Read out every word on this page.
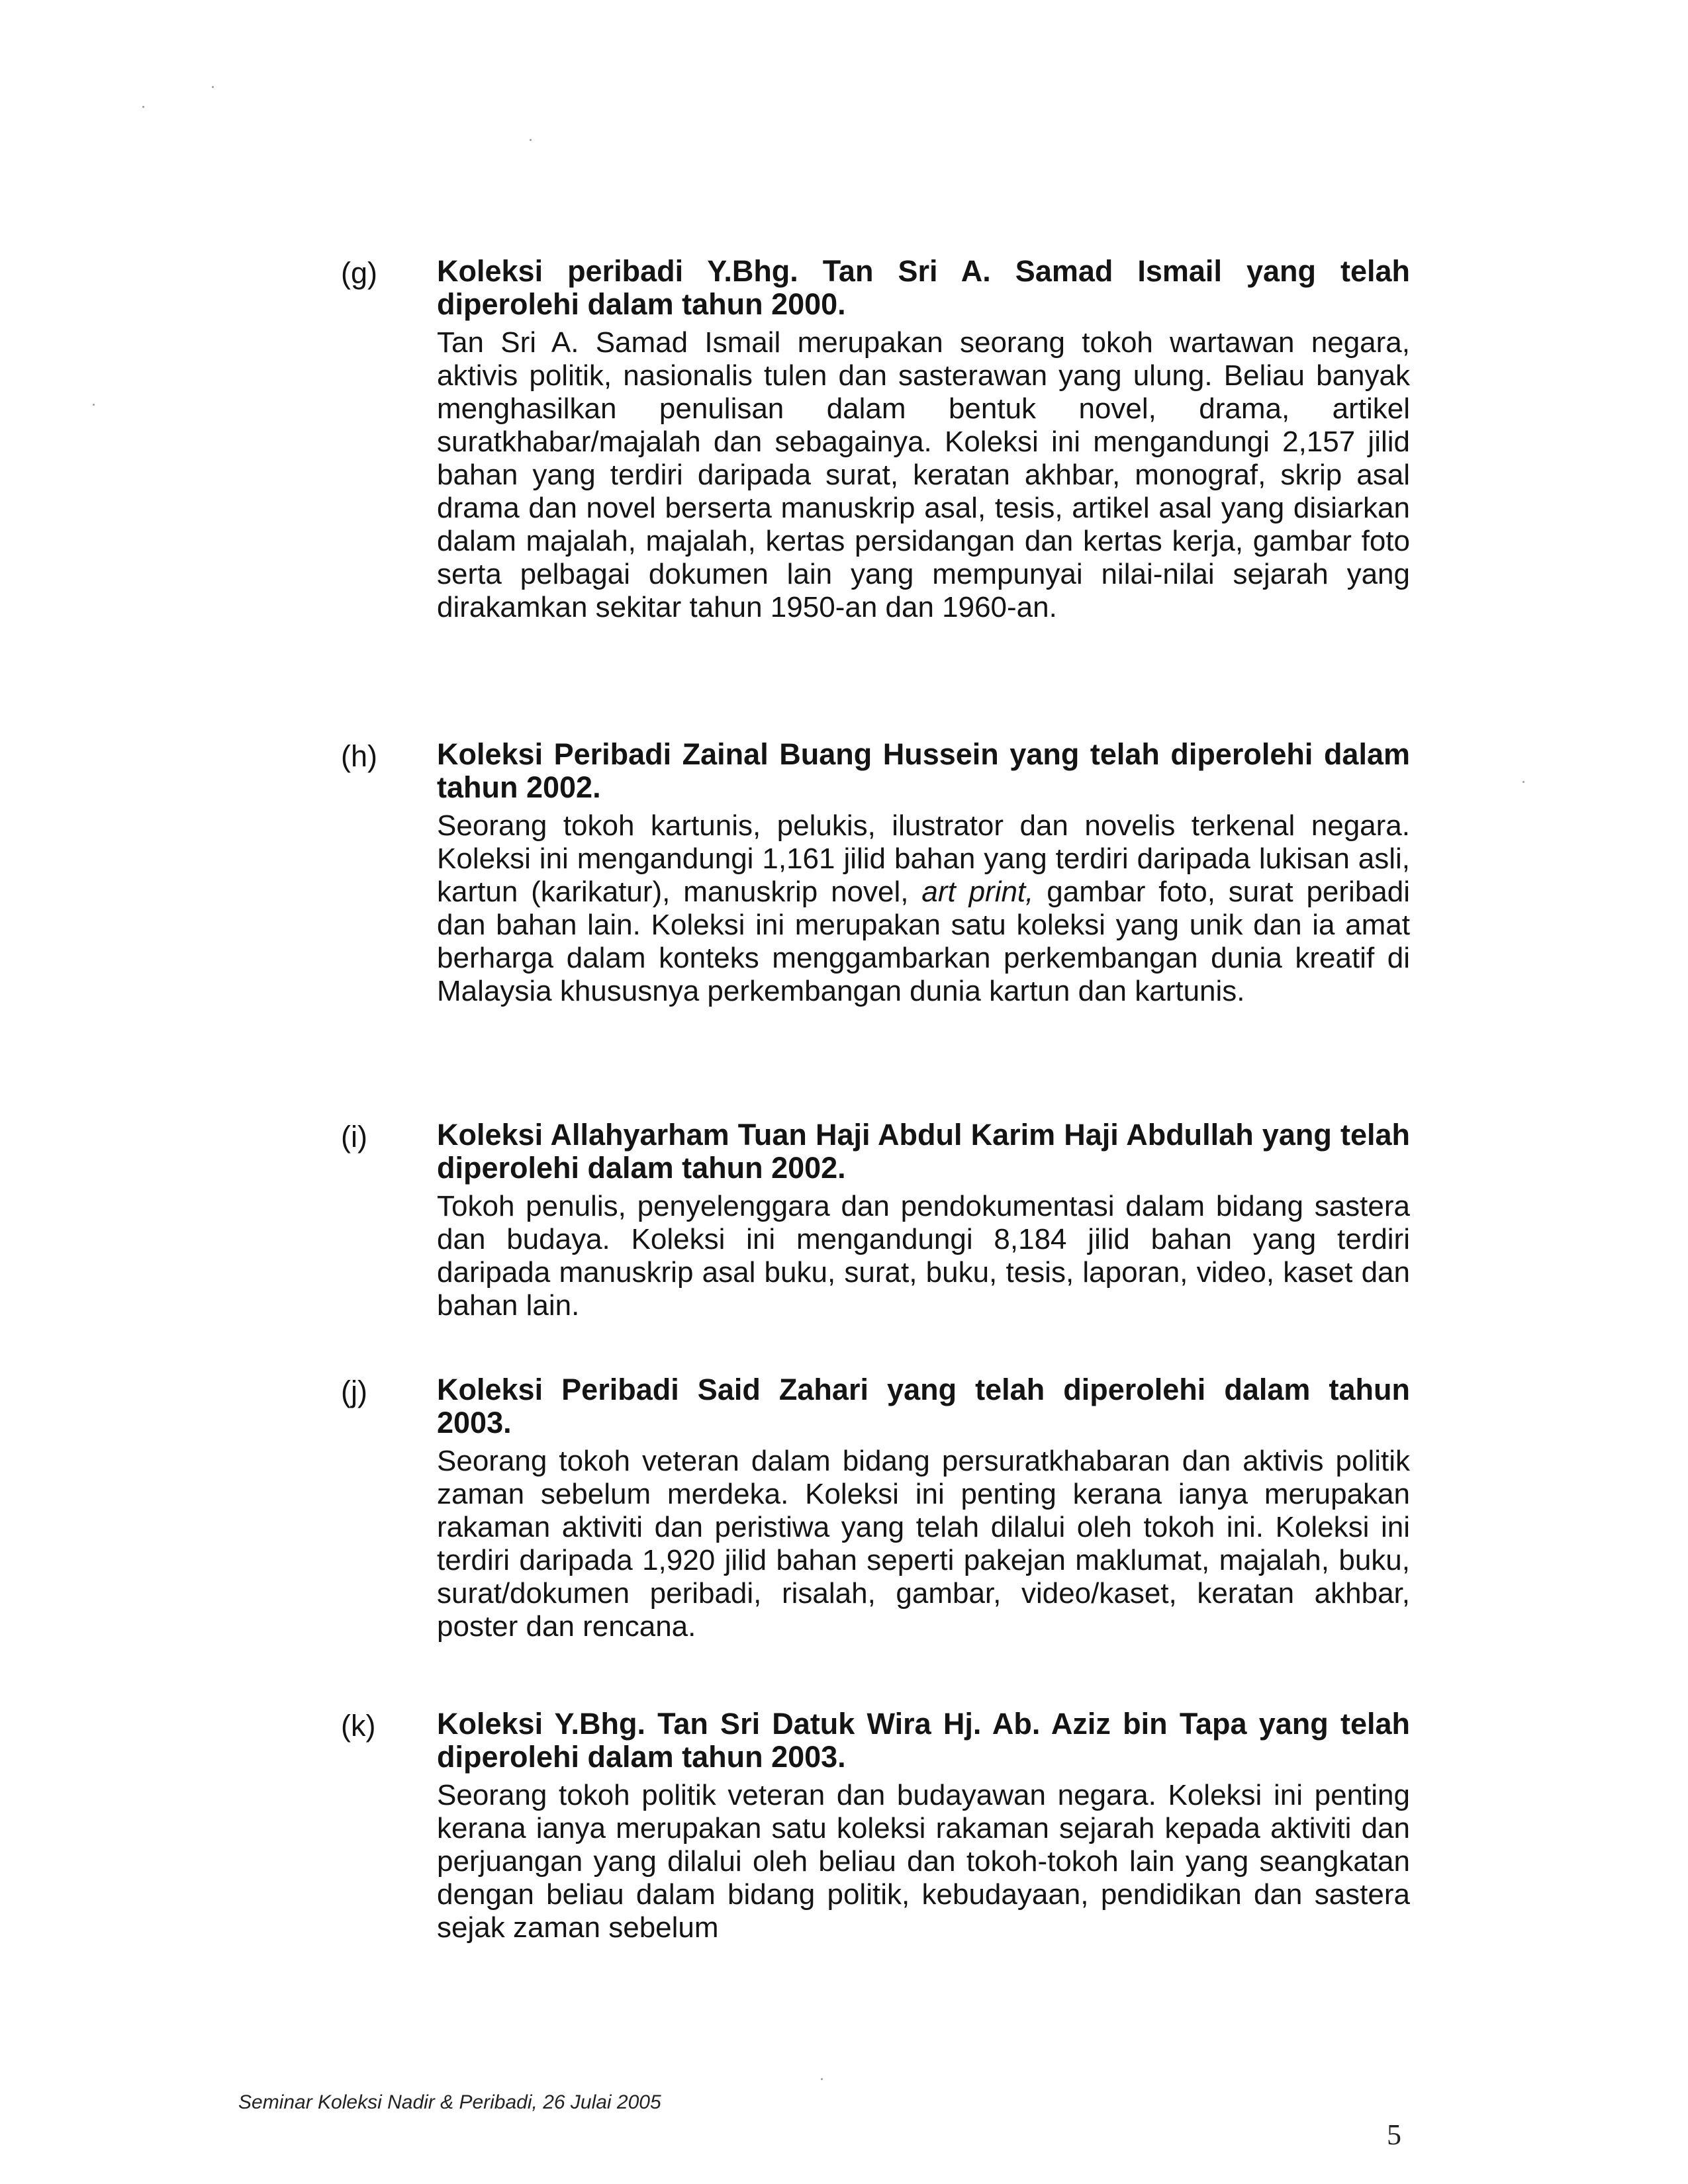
(g) Koleksi peribadi Y.Bhg. Tan Sri A. Samad Ismail yang telah diperolehi dalam tahun 2000.

Tan Sri A. Samad Ismail merupakan seorang tokoh wartawan negara, aktivis politik, nasionalis tulen dan sasterawan yang ulung. Beliau banyak menghasilkan penulisan dalam bentuk novel, drama, artikel suratkhabar/majalah dan sebagainya. Koleksi ini mengandungi 2,157 jilid bahan yang terdiri daripada surat, keratan akhbar, monograf, skrip asal drama dan novel berserta manuskrip asal, tesis, artikel asal yang disiarkan dalam majalah, majalah, kertas persidangan dan kertas kerja, gambar foto serta pelbagai dokumen lain yang mempunyai nilai-nilai sejarah yang dirakamkan sekitar tahun 1950-an dan 1960-an.

(h) Koleksi Peribadi Zainal Buang Hussein yang telah diperolehi dalam tahun 2002.

Seorang tokoh kartunis, pelukis, ilustrator dan novelis terkenal negara. Koleksi ini mengandungi 1,161 jilid bahan yang terdiri daripada lukisan asli, kartun (karikatur), manuskrip novel, art print, gambar foto, surat peribadi dan bahan lain. Koleksi ini merupakan satu koleksi yang unik dan ia amat berharga dalam konteks menggambarkan perkembangan dunia kreatif di Malaysia khususnya perkembangan dunia kartun dan kartunis.

(i) Koleksi Allahyarham Tuan Haji Abdul Karim Haji Abdullah yang telah diperolehi dalam tahun 2002.

Tokoh penulis, penyelenggara dan pendokumentasi dalam bidang sastera dan budaya. Koleksi ini mengandungi 8,184 jilid bahan yang terdiri daripada manuskrip asal buku, surat, buku, tesis, laporan, video, kaset dan bahan lain.

(j) Koleksi Peribadi Said Zahari yang telah diperolehi dalam tahun 2003.

Seorang tokoh veteran dalam bidang persuratkhabaran dan aktivis politik zaman sebelum merdeka. Koleksi ini penting kerana ianya merupakan rakaman aktiviti dan peristiwa yang telah dilalui oleh tokoh ini. Koleksi ini terdiri daripada 1,920 jilid bahan seperti pakejan maklumat, majalah, buku, surat/dokumen peribadi, risalah, gambar, video/kaset, keratan akhbar, poster dan rencana.

(k) Koleksi Y.Bhg. Tan Sri Datuk Wira Hj. Ab. Aziz bin Tapa yang telah diperolehi dalam tahun 2003.

Seorang tokoh politik veteran dan budayawan negara. Koleksi ini penting kerana ianya merupakan satu koleksi rakaman sejarah kepada aktiviti dan perjuangan yang dilalui oleh beliau dan tokoh-tokoh lain yang seangkatan dengan beliau dalam bidang politik, kebudayaan, pendidikan dan sastera sejak zaman sebelum

Seminar Koleksi Nadir & Peribadi, 26 Julai 2005
5
